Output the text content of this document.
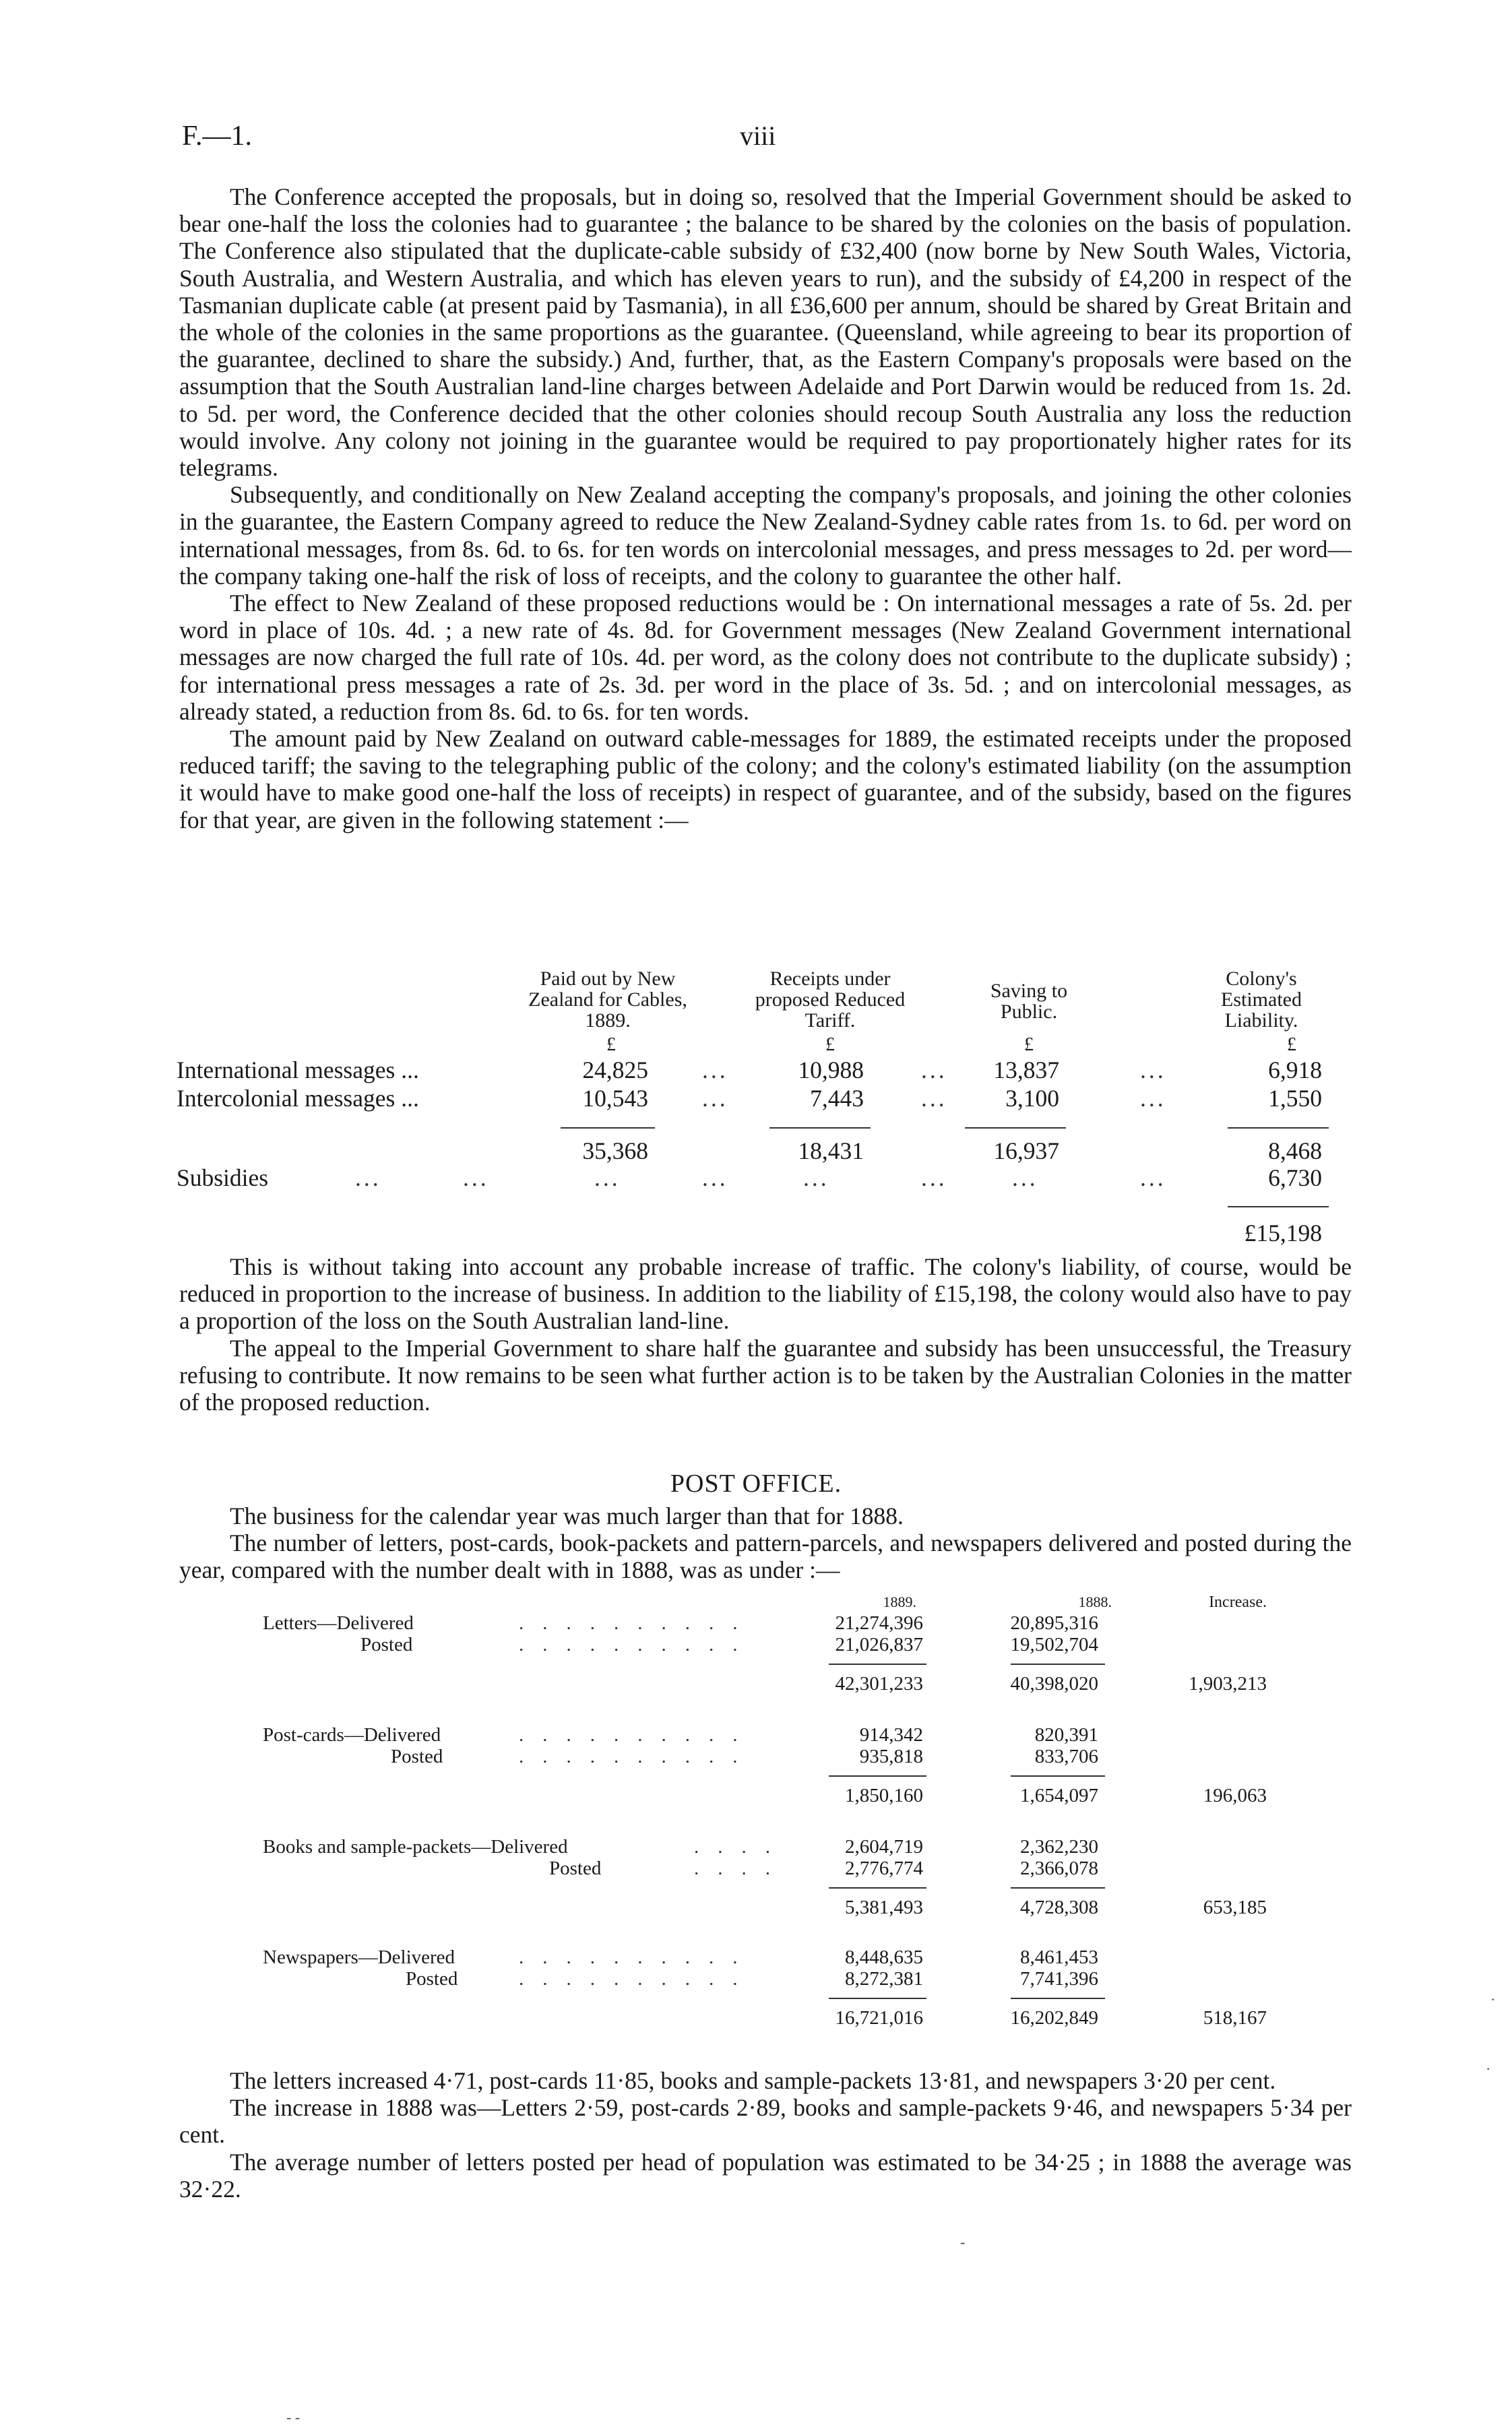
F.—1.	viii

The Conference accepted the proposals, but in doing so, resolved that the Imperial Government should be asked to bear one-half the loss the colonies had to guarantee ; the balance to be shared by the colonies on the basis of population. The Conference also stipulated that the duplicate-cable subsidy of £32,400 (now borne by New South Wales, Victoria, South Australia, and Western Australia, and which has eleven years to run), and the subsidy of £4,200 in respect of the Tasmanian duplicate cable (at present paid by Tasmania), in all £36,600 per annum, should be shared by Great Britain and the whole of the colonies in the same proportions as the guarantee. (Queensland, while agreeing to bear its proportion of the guarantee, declined to share the subsidy.) And, further, that, as the Eastern Company's proposals were based on the assumption that the South Australian land-line charges between Adelaide and Port Darwin would be reduced from 1s. 2d. to 5d. per word, the Conference decided that the other colonies should recoup South Australia any loss the reduction would involve. Any colony not joining in the guarantee would be required to pay proportionately higher rates for its telegrams.

Subsequently, and conditionally on New Zealand accepting the company's proposals, and joining the other colonies in the guarantee, the Eastern Company agreed to reduce the New Zealand-Sydney cable rates from 1s. to 6d. per word on international messages, from 8s. 6d. to 6s. for ten words on intercolonial messages, and press messages to 2d. per word—the company taking one-half the risk of loss of receipts, and the colony to guarantee the other half.

The effect to New Zealand of these proposed reductions would be : On international messages a rate of 5s. 2d. per word in place of 10s. 4d. ; a new rate of 4s. 8d. for Government messages (New Zealand Government international messages are now charged the full rate of 10s. 4d. per word, as the colony does not contribute to the duplicate subsidy) ; for international press messages a rate of 2s. 3d. per word in the place of 3s. 5d. ; and on intercolonial messages, as already stated, a reduction from 8s. 6d. to 6s. for ten words.

The amount paid by New Zealand on outward cable-messages for 1889, the estimated receipts under the proposed reduced tariff; the saving to the telegraphing public of the colony; and the colony's estimated liability (on the assumption it would have to make good one-half the loss of receipts) in respect of guarantee, and of the subsidy, based on the figures for that year, are given in the following statement :—

Paid out by New Zealand for Cables, 1889.
Receipts under proposed Reduced Tariff.
Saving to Public.
Colony's Estimated Liability.
£	£	£	£
International messages ...	24,825 ...	10,988 ...	13,837	...	6,918
Intercolonial messages ...	10,543 ...	7,443 ...	3,100	...	1,550
35,368	18,431	16,937	8,468
Subsidies	...	...	...	...	...	...	...	...	6,730
£15,198

This is without taking into account any probable increase of traffic. The colony's liability, of course, would be reduced in proportion to the increase of business. In addition to the liability of £15,198, the colony would also have to pay a proportion of the loss on the South Australian land-line.

The appeal to the Imperial Government to share half the guarantee and subsidy has been unsuccessful, the Treasury refusing to contribute. It now remains to be seen what further action is to be taken by the Australian Colonies in the matter of the proposed reduction.

POST OFFICE.

The business for the calendar year was much larger than that for 1888.

The number of letters, post-cards, book-packets and pattern-parcels, and newspapers delivered and posted during the year, compared with the number dealt with in 1888, was as under :—

1889.	1888.	Increase.
Letters—Delivered	..........	21,274,396	20,895,316
Posted	..........	21,026,837	19,502,704
42,301,233	40,398,020	1,903,213
Post-cards—Delivered	..........	914,342	820,391
Posted	..........	935,818	833,706
1,850,160	1,654,097	196,063
Books and sample-packets—Delivered	....	2,604,719	2,362,230
Posted	....	2,776,774	2,366,078
5,381,493	4,728,308	653,185
Newspapers—Delivered	..........	8,448,635	8,461,453
Posted	..........	8,272,381	7,741,396
16,721,016	16,202,849	518,167

The letters increased 4·71, post-cards 11·85, books and sample-packets 13·81, and newspapers 3·20 per cent.

The increase in 1888 was—Letters 2·59, post-cards 2·89, books and sample-packets 9·46, and newspapers 5·34 per cent.

The average number of letters posted per head of population was estimated to be 34·25 ; in 1888 the average was 32·22.

·
·
-
- -
